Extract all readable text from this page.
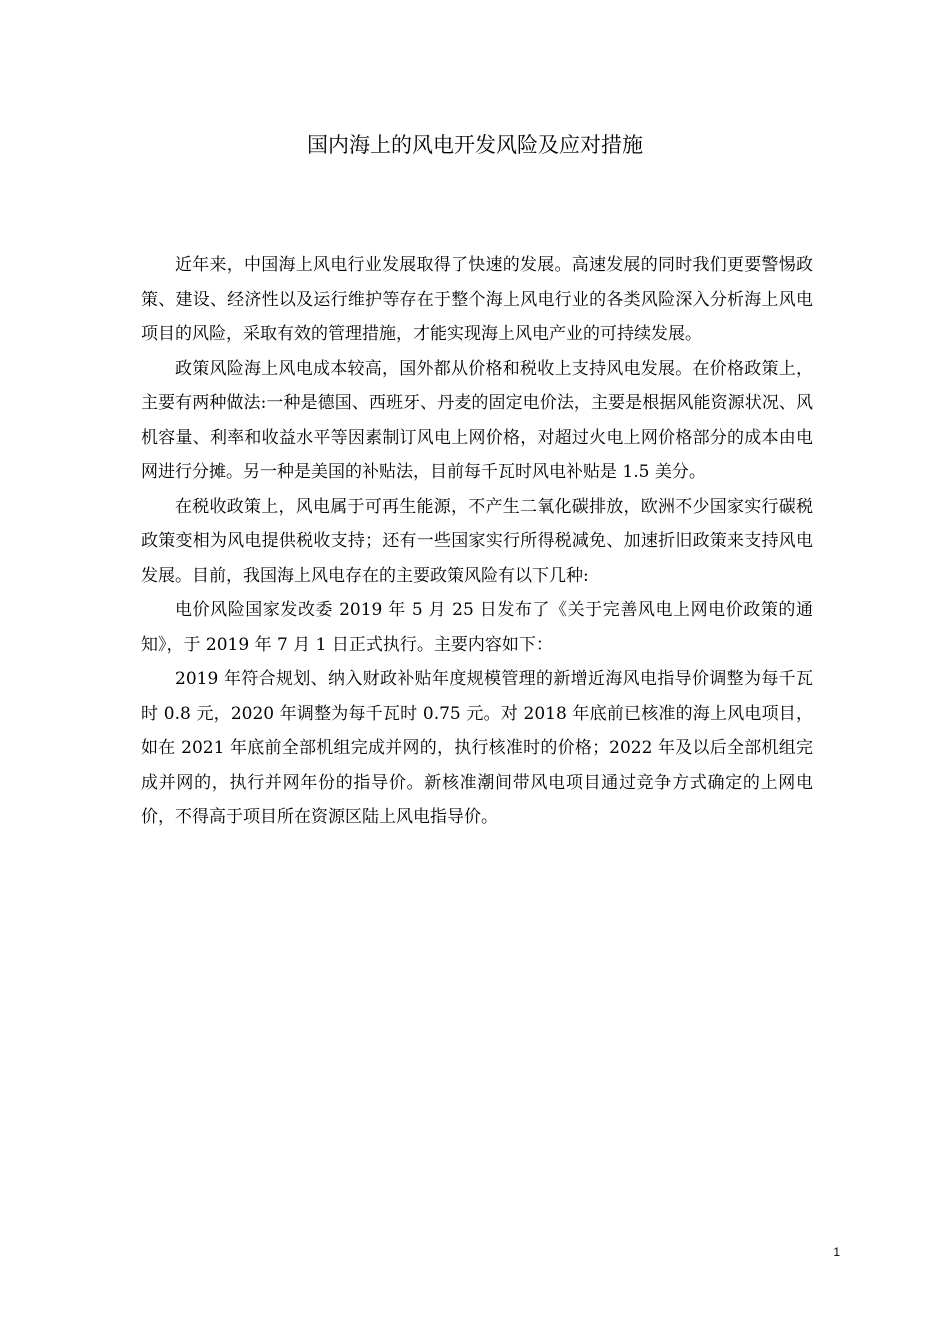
国内海上的风电开发风险及应对措施

近年来，中国海上风电行业发展取得了快速的发展。高速发展的同时我们更要警惕政策、建设、经济性以及运行维护等存在于整个海上风电行业的各类风险深入分析海上风电项目的风险，采取有效的管理措施，才能实现海上风电产业的可持续发展。

政策风险海上风电成本较高，国外都从价格和税收上支持风电发展。在价格政策上，主要有两种做法:一种是德国、西班牙、丹麦的固定电价法，主要是根据风能资源状况、风机容量、利率和收益水平等因素制订风电上网价格，对超过火电上网价格部分的成本由电网进行分摊。另一种是美国的补贴法，目前每千瓦时风电补贴是 1.5 美分。

在税收政策上，风电属于可再生能源，不产生二氧化碳排放，欧洲不少国家实行碳税政策变相为风电提供税收支持；还有一些国家实行所得税减免、加速折旧政策来支持风电发展。目前，我国海上风电存在的主要政策风险有以下几种:

电价风险国家发改委 2019 年 5 月 25 日发布了《关于完善风电上网电价政策的通知》，于 2019 年 7 月 1 日正式执行。主要内容如下：

2019 年符合规划、纳入财政补贴年度规模管理的新增近海风电指导价调整为每千瓦时 0.8 元，2020 年调整为每千瓦时 0.75 元。对 2018 年底前已核准的海上风电项目，如在 2021 年底前全部机组完成并网的，执行核准时的价格；2022 年及以后全部机组完成并网的，执行并网年份的指导价。新核准潮间带风电项目通过竞争方式确定的上网电价，不得高于项目所在资源区陆上风电指导价。

1
